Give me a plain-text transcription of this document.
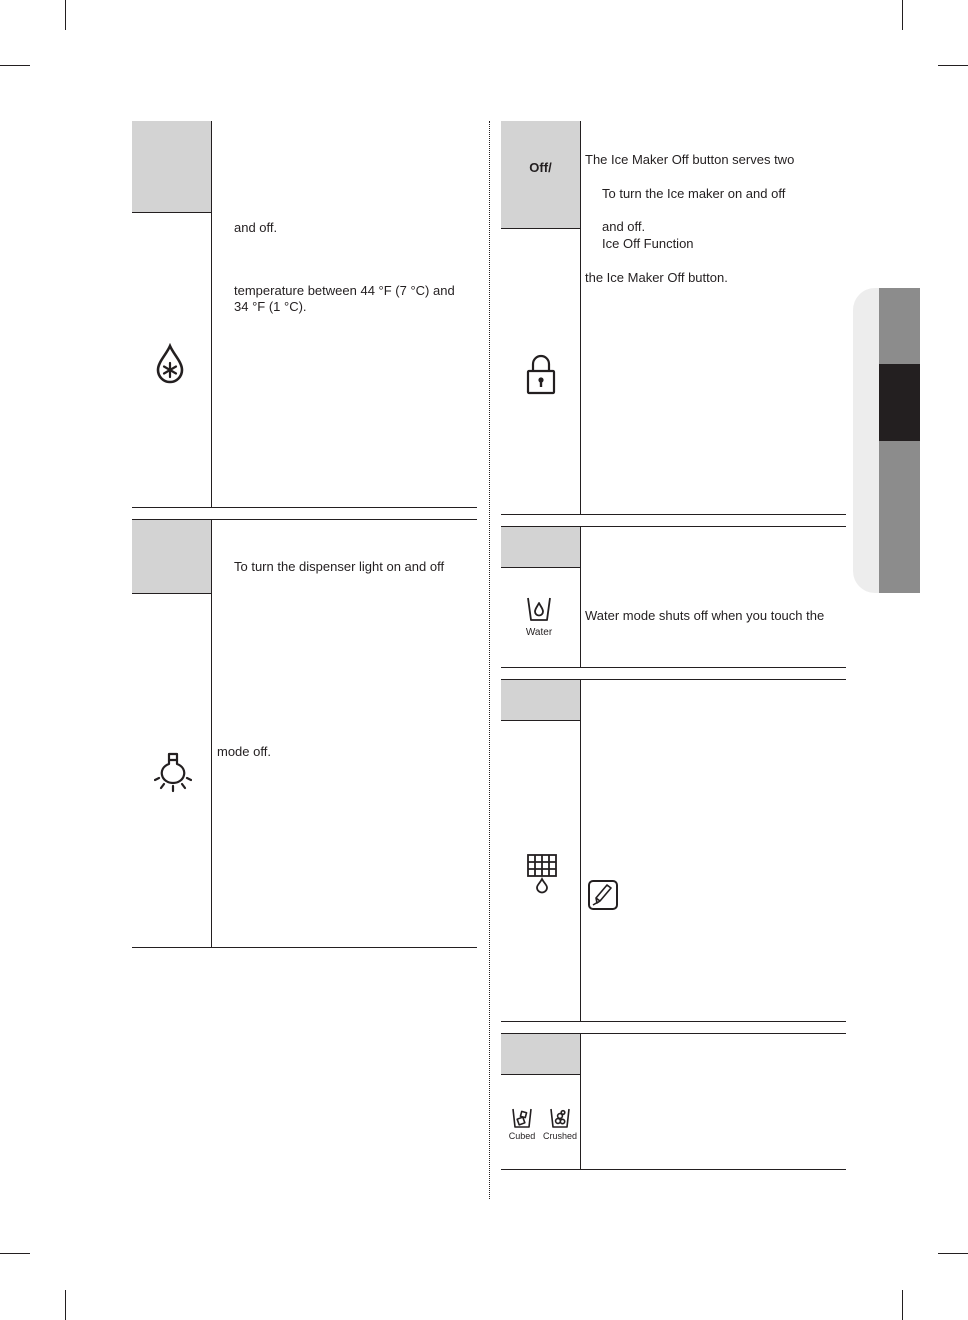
and off.
temperature between 44 °F (7 °C) and
34 °F (1 °C).
To turn the dispenser light on and off
mode off.
Off/
The Ice Maker Off button serves two
To turn the Ice maker on and off
and off.
Ice Off Function
the Ice Maker Off button.
Water mode shuts off when you touch the
Water
Cubed Crushed
